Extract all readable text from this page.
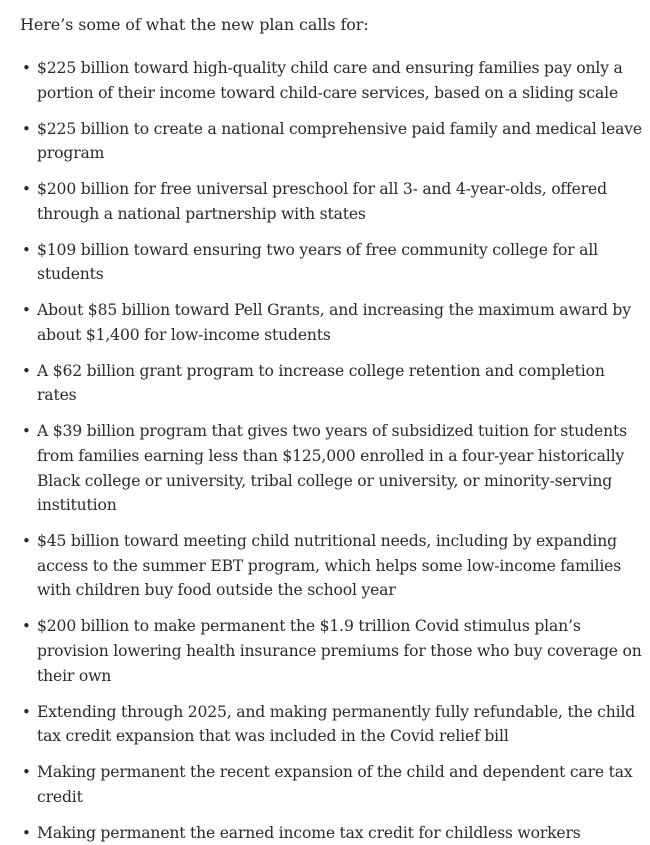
Here’s some of what the new plan calls for:

• $225 billion toward high-quality child care and ensuring families pay only a portion of their income toward child-care services, based on a sliding scale
• $225 billion to create a national comprehensive paid family and medical leave program
• $200 billion for free universal preschool for all 3- and 4-year-olds, offered through a national partnership with states
• $109 billion toward ensuring two years of free community college for all students
• About $85 billion toward Pell Grants, and increasing the maximum award by about $1,400 for low-income students
• A $62 billion grant program to increase college retention and completion rates
• A $39 billion program that gives two years of subsidized tuition for students from families earning less than $125,000 enrolled in a four-year historically Black college or university, tribal college or university, or minority-serving institution
• $45 billion toward meeting child nutritional needs, including by expanding access to the summer EBT program, which helps some low-income families with children buy food outside the school year
• $200 billion to make permanent the $1.9 trillion Covid stimulus plan’s provision lowering health insurance premiums for those who buy coverage on their own
• Extending through 2025, and making permanently fully refundable, the child tax credit expansion that was included in the Covid relief bill
• Making permanent the recent expansion of the child and dependent care tax credit
• Making permanent the earned income tax credit for childless workers
